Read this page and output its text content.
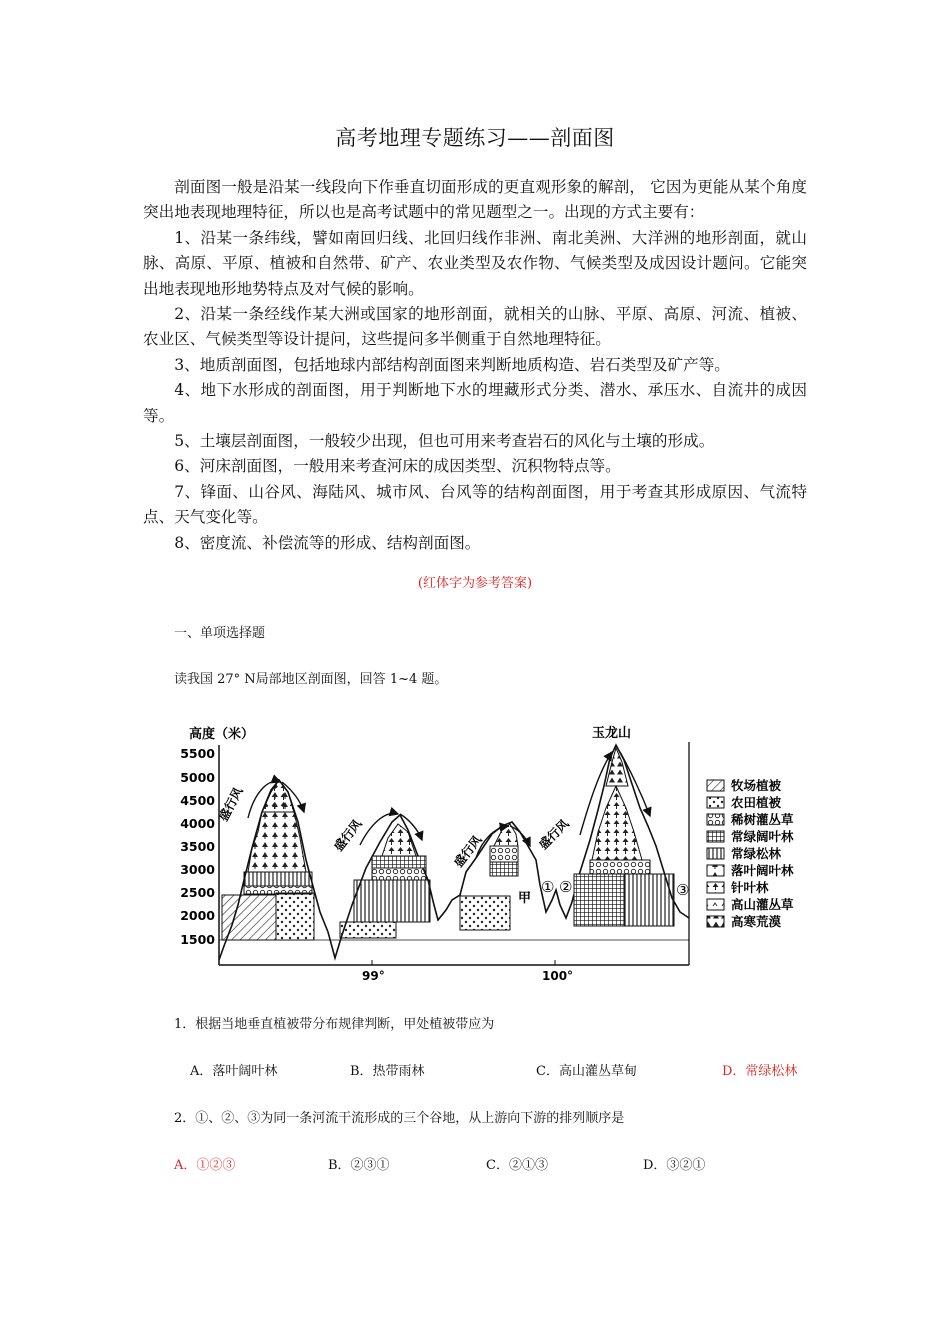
高考地理专题练习——剖面图

剖面图一般是沿某一线段向下作垂直切面形成的更直观形象的解剖， 它因为更能从某个角度突出地表现地理特征，所以也是高考试题中的常见题型之一。出现的方式主要有：

1、沿某一条纬线，譬如南回归线、北回归线作非洲、南北美洲、大洋洲的地形剖面，就山脉、高原、平原、植被和自然带、矿产、农业类型及农作物、气候类型及成因设计题问。它能突出地表现地形地势特点及对气候的影响。

2、沿某一条经线作某大洲或国家的地形剖面，就相关的山脉、平原、高原、河流、植被、农业区、气候类型等设计提问，这些提问多半侧重于自然地理特征。

3、地质剖面图，包括地球内部结构剖面图来判断地质构造、岩石类型及矿产等。

4、地下水形成的剖面图，用于判断地下水的埋藏形式分类、潜水、承压水、自流井的成因等。

5、土壤层剖面图，一般较少出现，但也可用来考查岩石的风化与土壤的形成。

6、河床剖面图，一般用来考查河床的成因类型、沉积物特点等。

7、锋面、山谷风、海陆风、城市风、台风等的结构剖面图，用于考查其形成原因、气流特点、天气变化等。

8、密度流、补偿流等的形成、结构剖面图。

(红体字为参考答案)
一、单项选择题
读我国 27° N局部地区剖面图，回答 1~4 题。
高度（米）
5500
5000
4500
4000
3500
3000
2500
2000
1500
99°	100°
甲
玉龙山
① ②	③
盛行风
盛行风	盛行风	盛行风
牧场植被
农田植被
稀树灌丛草
常绿阔叶林
常绿松林
落叶阔叶林
针叶林
高山灌丛草
高寒荒漠
1．根据当地垂直植被带分布规律判断，甲处植被带应为
A．落叶阔叶林	B．热带雨林	C．高山灌丛草甸	D．常绿松林
2．①、②、③为同一条河流干流形成的三个谷地，从上游向下游的排列顺序是
A．①②③	B．②③①	C．②①③	D．③②①
